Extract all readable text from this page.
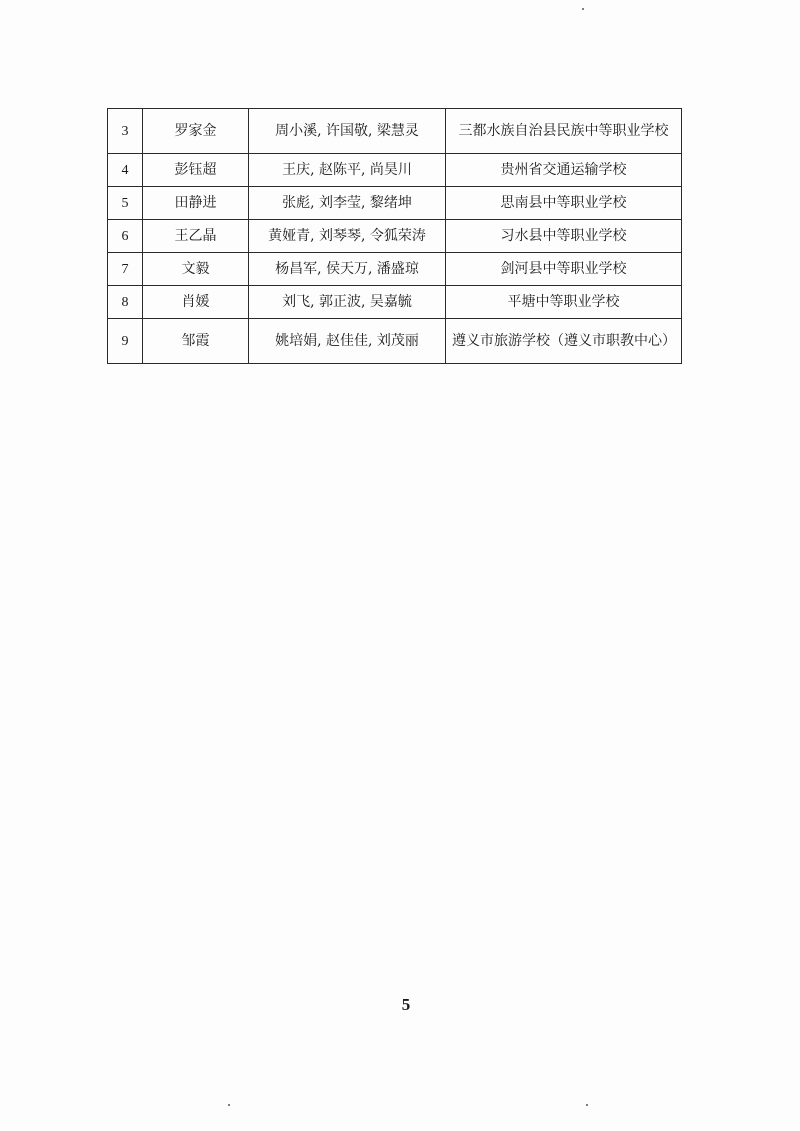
3	罗家金	周小溪, 许国敬, 梁慧灵	三都水族自治县民族中等职业学校
4	彭钰超	王庆, 赵陈平, 尚昊川	贵州省交通运输学校
5	田静进	张彪, 刘李莹, 黎绪坤	思南县中等职业学校
6	王乙晶	黄娅青, 刘琴琴, 令狐荣涛	习水县中等职业学校
7	文毅	杨昌军, 侯天万, 潘盛琼	剑河县中等职业学校
8	肖媛	刘飞, 郭正波, 吴嘉毓	平塘中等职业学校
9	邹霞	姚培娟, 赵佳佳, 刘茂丽	遵义市旅游学校（遵义市职教中心）
5
